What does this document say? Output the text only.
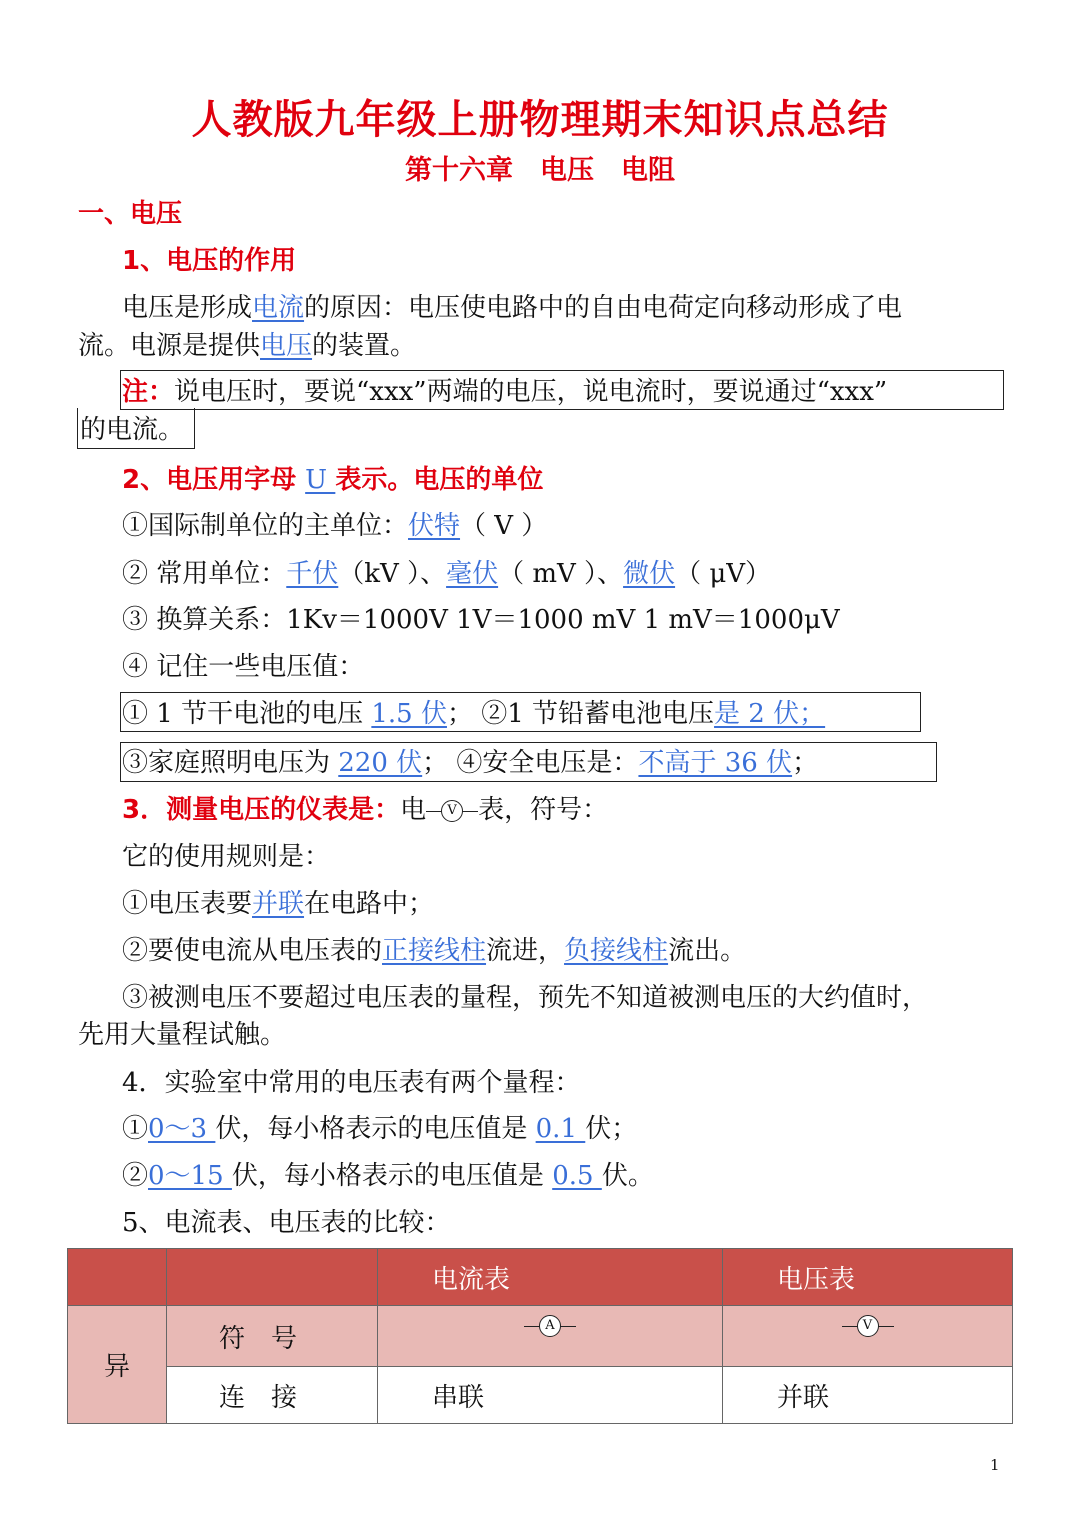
人教版九年级上册物理期末知识点总结
第十六章　电压　电阻
一、电压
1、电压的作用
电压是形成电流的原因：电压使电路中的自由电荷定向移动形成了电
流。电源是提供电压的装置。
注：说电压时，要说“xxx”两端的电压，说电流时，要说通过“xxx”
的电流。
2、电压用字母 U 表示。电压的单位
①国际制单位的主单位：伏特（ V ）
② 常用单位：千伏（kV ）、毫伏（ mV ）、微伏（ μV）
③ 换算关系：1Kv＝1000V 1V＝1000 mV 1 mV＝1000μV
④ 记住一些电压值：
① 1 节干电池的电压 1.5 伏； ②1 节铅蓄电池电压是 2 伏；
③家庭照明电压为 220 伏； ④安全电压是：不高于 36 伏；
3．测量电压的仪表是：电	V 表，符号：
它的使用规则是：
①电压表要并联在电路中；
②要使电流从电压表的正接线柱流进，负接线柱流出。
③被测电压不要超过电压表的量程，预先不知道被测电压的大约值时，
先用大量程试触。
4．实验室中常用的电压表有两个量程：
①0～3 伏，每小格表示的电压值是 0.1 伏；
②0～15 伏，每小格表示的电压值是 0.5 伏。
5、电流表、电压表的比较：
		电流表	电压表
异	符　号	A	V

	连　接	串联	并联
1
